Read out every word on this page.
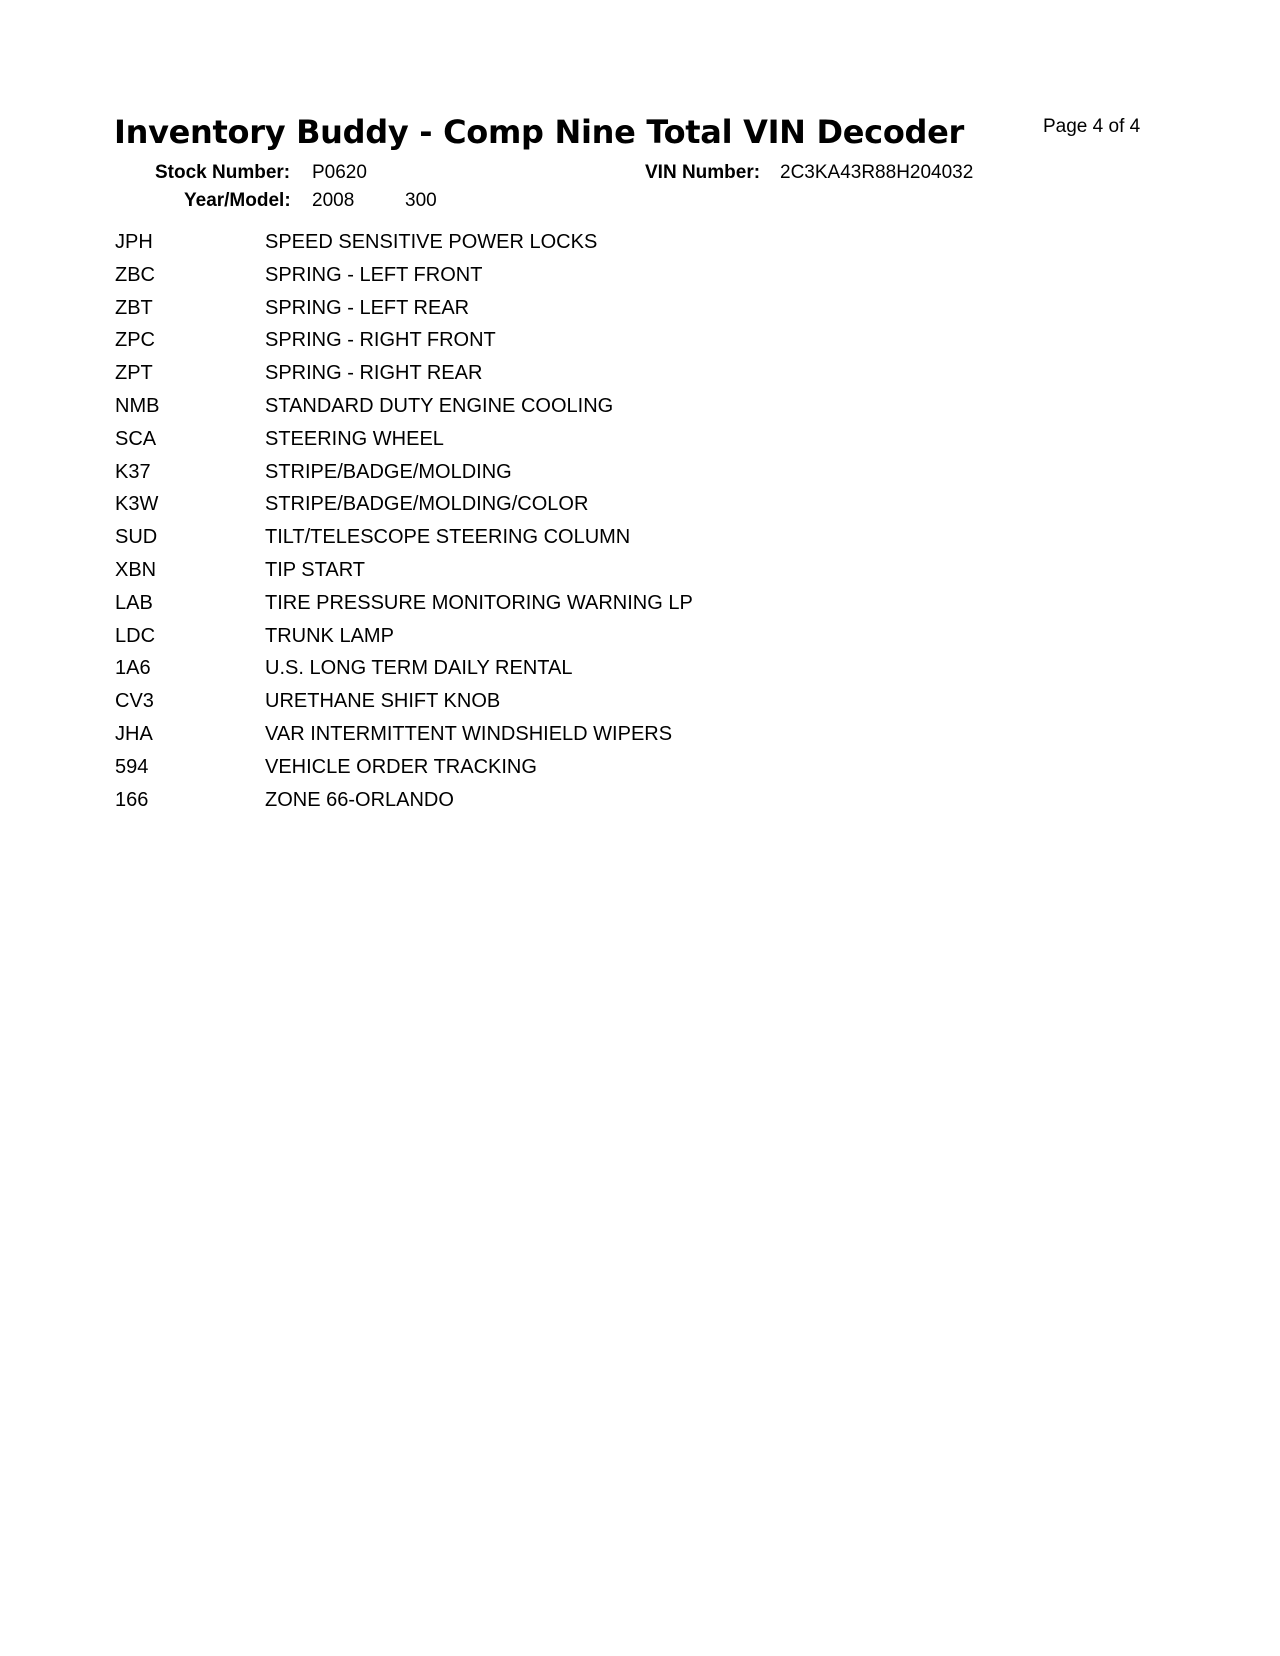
Inventory Buddy - Comp Nine Total VIN Decoder	Page 4 of 4
Stock Number: P0620	VIN Number: 2C3KA43R88H204032
Year/Model: 2008	300
JPH	SPEED SENSITIVE POWER LOCKS
ZBC	SPRING - LEFT FRONT
ZBT	SPRING - LEFT REAR
ZPC	SPRING - RIGHT FRONT
ZPT	SPRING - RIGHT REAR
NMB	STANDARD DUTY ENGINE COOLING
SCA	STEERING WHEEL
K37	STRIPE/BADGE/MOLDING
K3W	STRIPE/BADGE/MOLDING/COLOR
SUD	TILT/TELESCOPE STEERING COLUMN
XBN	TIP START
LAB	TIRE PRESSURE MONITORING WARNING LP
LDC	TRUNK LAMP
1A6	U.S. LONG TERM DAILY RENTAL
CV3	URETHANE SHIFT KNOB
JHA	VAR INTERMITTENT WINDSHIELD WIPERS
594	VEHICLE ORDER TRACKING
166	ZONE 66-ORLANDO
